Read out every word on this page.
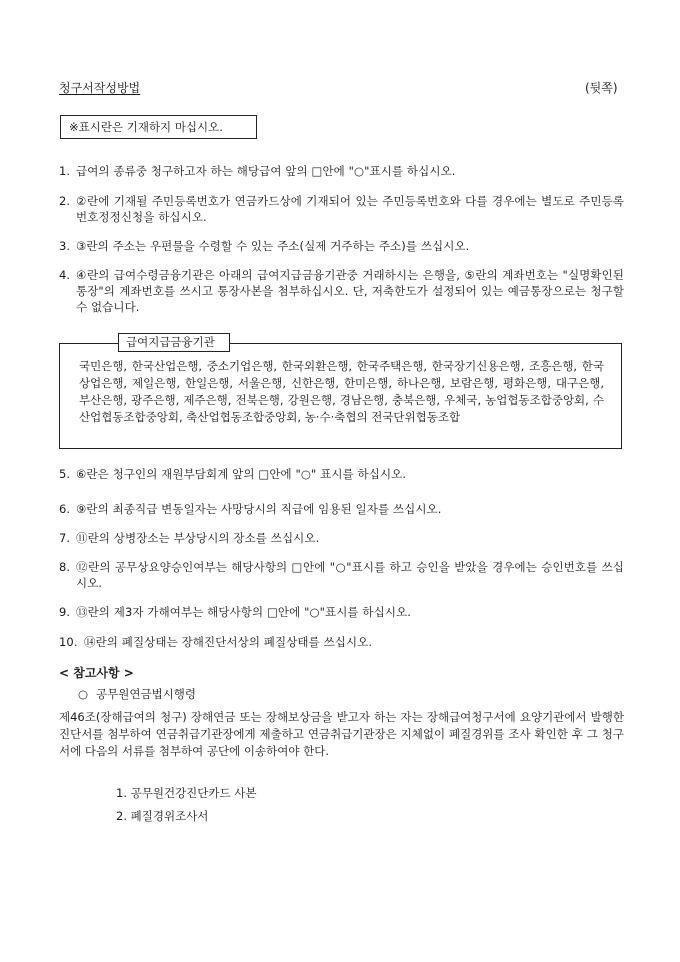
청구서작성방법	(뒷쪽)
※표시란은 기재하지 마십시오.
1. 급여의 종류중 청구하고자 하는 해당급여 앞의 □안에 "○"표시를 하십시오.
2. ②란에 기재될 주민등록번호가 연금카드상에 기재되어 있는 주민등록번호와 다를 경우에는 별도로 주민등록번호정정신청을 하십시오.
3. ③란의 주소는 우편물을 수령할 수 있는 주소(실제 거주하는 주소)를 쓰십시오.
4. ④란의 급여수령금융기관은 아래의 급여지급금융기관중 거래하시는 은행을, ⑤란의 계좌번호는 "실명확인된 통장"의 계좌번호를 쓰시고 통장사본을 첨부하십시오. 단, 저축한도가 설정되어 있는 예금통장으로는 청구할 수 없습니다.
급여지급금융기관
국민은행, 한국산업은행, 중소기업은행, 한국외환은행, 한국주택은행, 한국장기신용은행, 조흥은행, 한국상업은행, 제일은행, 한일은행, 서울은행, 신한은행, 한미은행, 하나은행, 보람은행, 평화은행, 대구은행, 부산은행, 광주은행, 제주은행, 전북은행, 강원은행, 경남은행, 충북은행, 우체국, 농업협동조합중앙회, 수산업협동조합중앙회, 축산업협동조합중앙회, 농·수·축협의 전국단위협동조합
5. ⑥란은 청구인의 재원부담회계 앞의 □안에 "○" 표시를 하십시오.
6. ⑨란의 최종직급 변동일자는 사망당시의 직급에 임용된 일자를 쓰십시오.
7. ⑪란의 상병장소는 부상당시의 장소를 쓰십시오.
8. ⑫란의 공무상요양승인여부는 해당사항의 □안에 "○"표시를 하고 승인을 받았을 경우에는 승인번호를 쓰십시오.
9. ⑬란의 제3자 가해여부는 해당사항의 □안에 "○"표시를 하십시오.
10. ⑭란의 폐질상태는 장해진단서상의 폐질상태를 쓰십시오.
< 참고사항 >
○ 공무원연금법시행령
제46조(장해급여의 청구) 장해연금 또는 장해보상금을 받고자 하는 자는 장해급여청구서에 요양기관에서 발행한 진단서를 첨부하여 연금취급기관장에게 제출하고 연금취급기관장은 지체없이 폐질경위를 조사 확인한 후 그 청구서에 다음의 서류를 첨부하여 공단에 이송하여야 한다.
1. 공무원건강진단카드 사본
2. 폐질경위조사서
